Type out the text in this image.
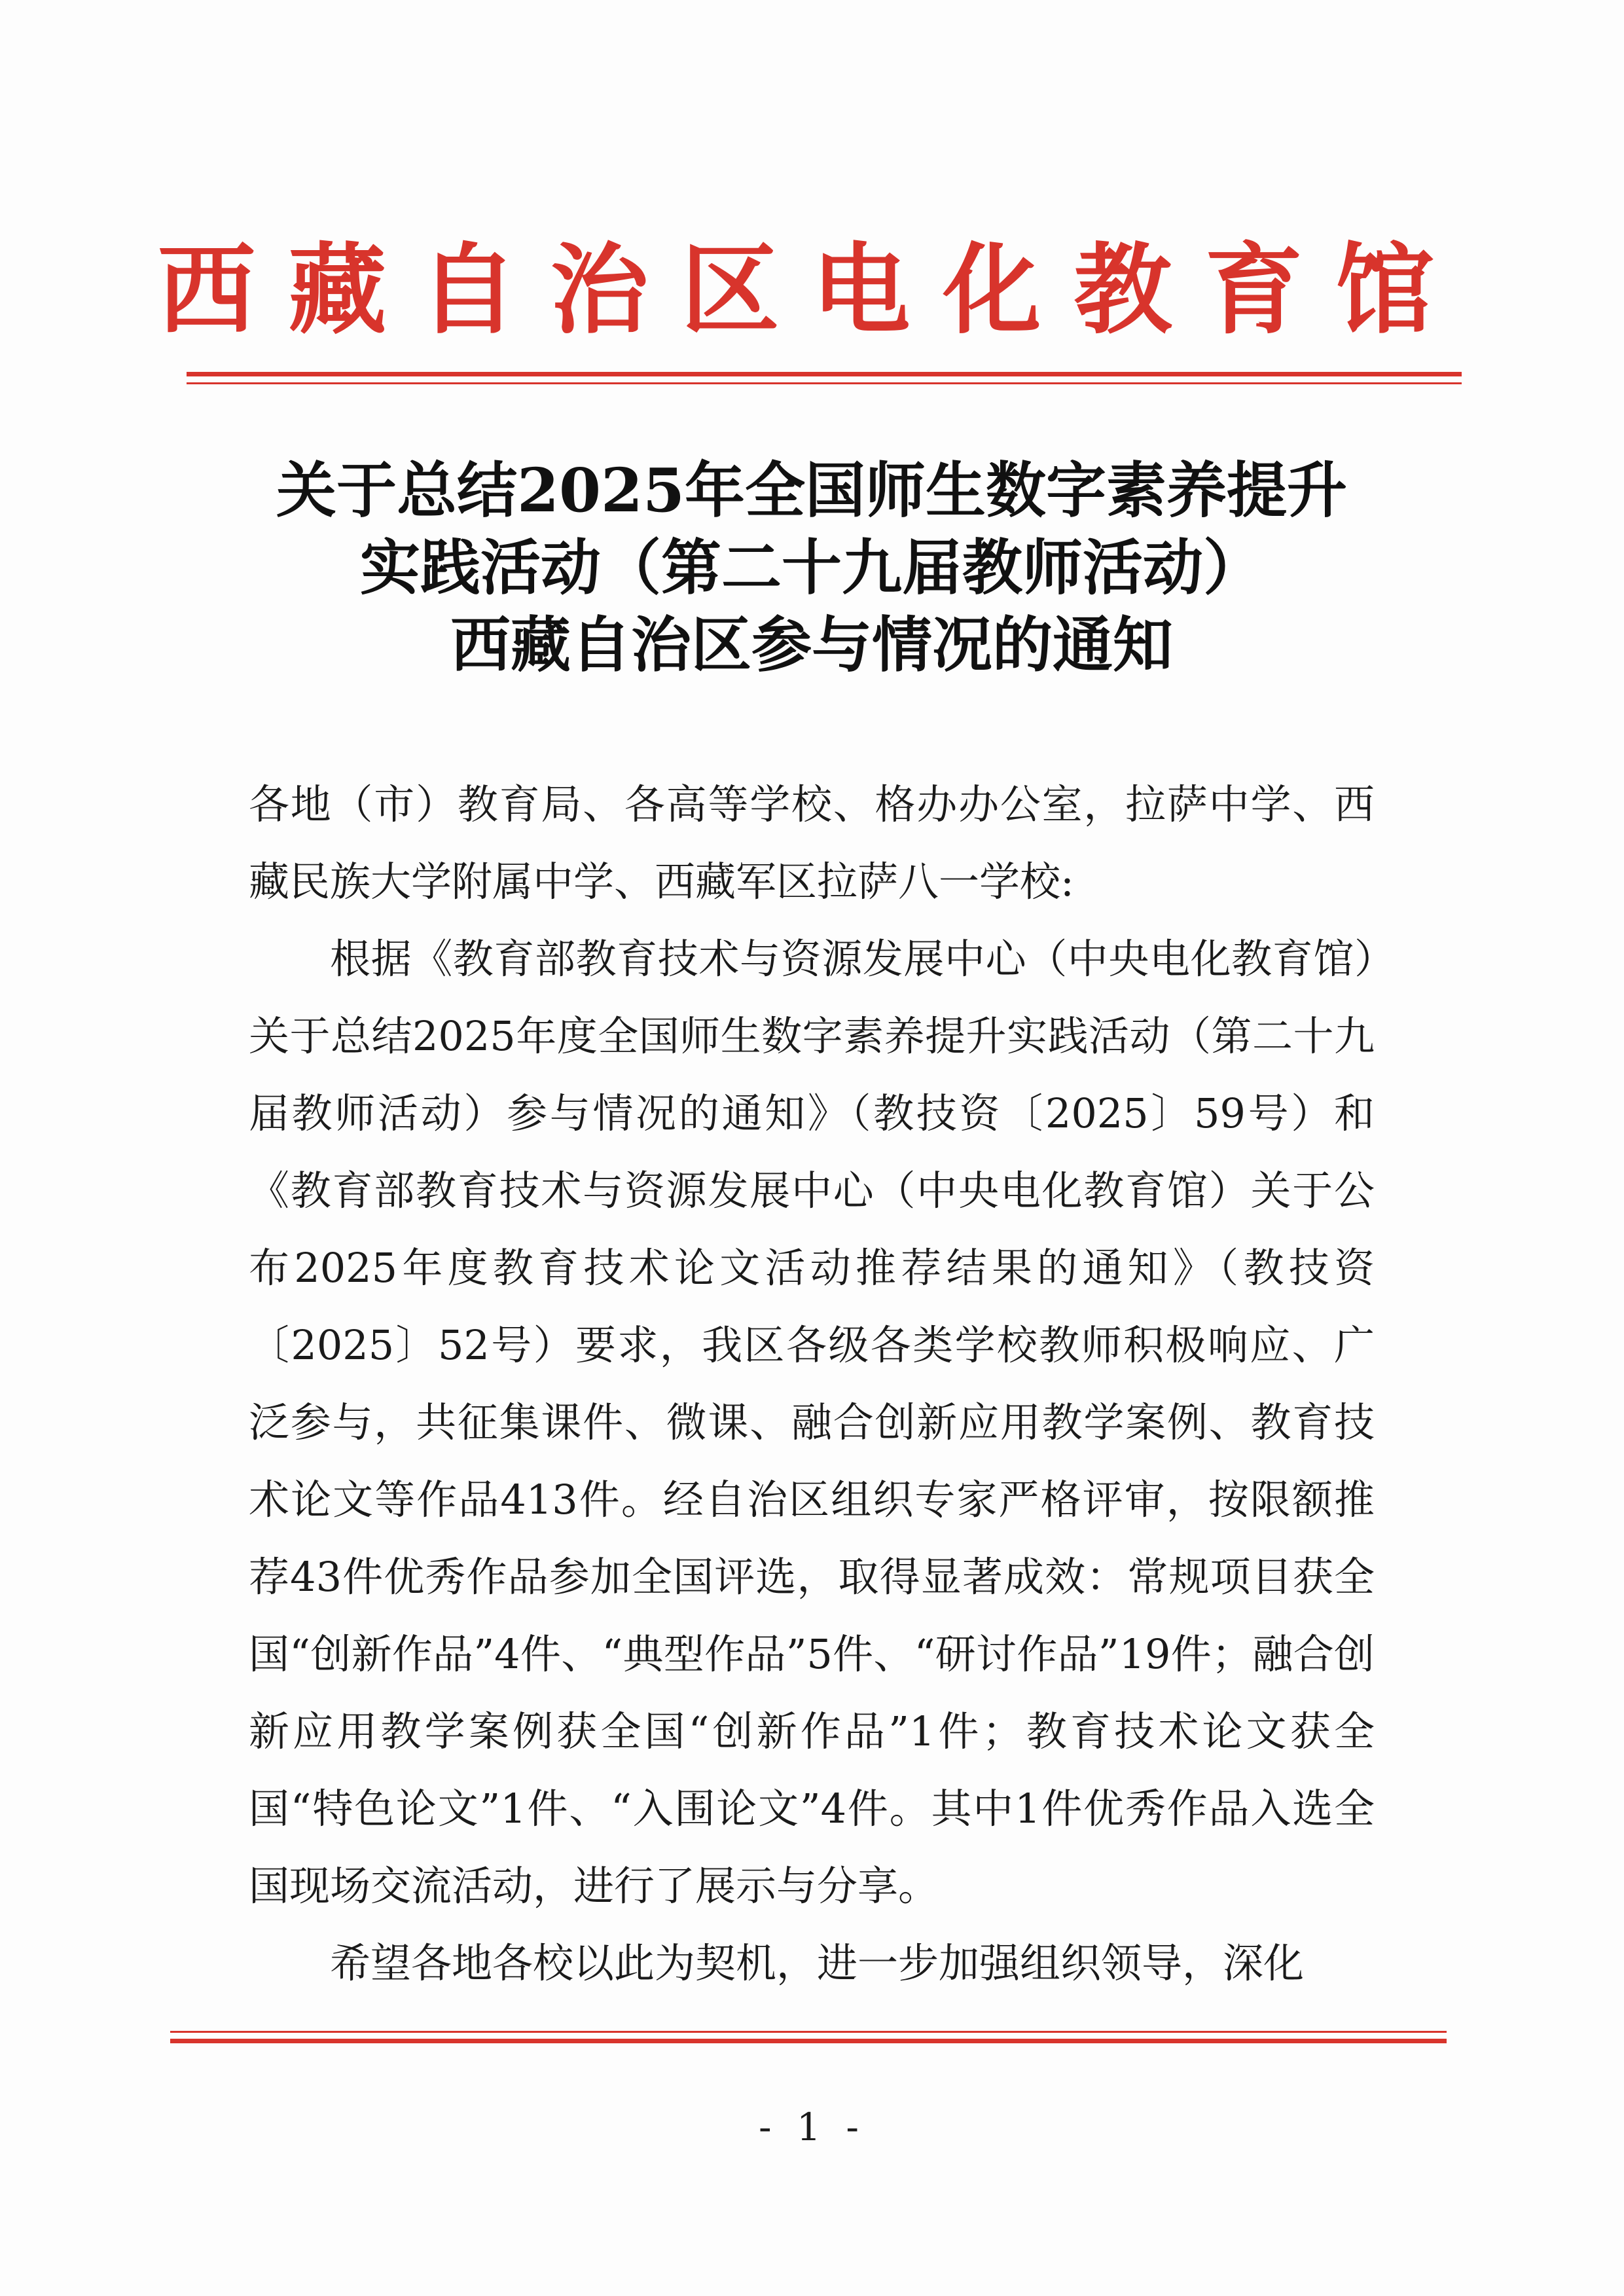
西藏自治区电化教育馆
关于总结2025年全国师生数字素养提升
实践活动（第二十九届教师活动）
西藏自治区参与情况的通知

各地（市）教育局、各高等学校、格办办公室，拉萨中学、西藏民族大学附属中学、西藏军区拉萨八一学校:

根据《教育部教育技术与资源发展中心（中央电化教育馆）关于总结2025年度全国师生数字素养提升实践活动（第二十九届教师活动）参与情况的通知》（教技资〔2025〕59号）和《教育部教育技术与资源发展中心（中央电化教育馆）关于公布2025年度教育技术论文活动推荐结果的通知》（教技资〔2025〕52号）要求，我区各级各类学校教师积极响应、广泛参与，共征集课件、微课、融合创新应用教学案例、教育技术论文等作品413件。经自治区组织专家严格评审，按限额推荐43件优秀作品参加全国评选，取得显著成效：常规项目获全国“创新作品”4件、“典型作品”5件、“研讨作品”19件；融合创新应用教学案例获全国“创新作品”1件；教育技术论文获全国“特色论文”1件、“入围论文”4件。其中1件优秀作品入选全国现场交流活动，进行了展示与分享。

希望各地各校以此为契机，进一步加强组织领导，深化

- 1 -
